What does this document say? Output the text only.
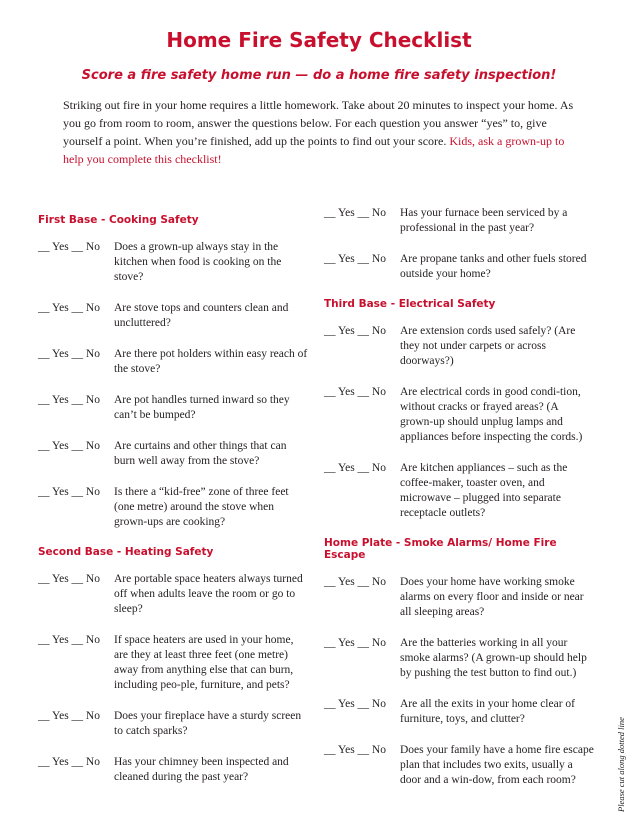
Home Fire Safety Checklist
Score a fire safety home run — do a home fire safety inspection!
Striking out fire in your home requires a little homework. Take about 20 minutes to inspect your home. As you go from room to room, answer the questions below. For each question you answer “yes” to, give yourself a point. When you’re finished, add up the points to find out your score. Kids, ask a grown-up to help you complete this checklist!
First Base - Cooking Safety
__ Yes __ No	Does a grown-up always stay in the kitchen when food is cooking on the stove?
__ Yes __ No	Are stove tops and counters clean and uncluttered?
__ Yes __ No	Are there pot holders within easy reach of the stove?
__ Yes __ No	Are pot handles turned inward so they can’t be bumped?
__ Yes __ No	Are curtains and other things that can burn well away from the stove?
__ Yes __ No	Is there a “kid-free” zone of three feet (one metre) around the stove when grown-ups are cooking?
Second Base - Heating Safety
__ Yes __ No	Are portable space heaters always turned off when adults leave the room or go to sleep?
__ Yes __ No	If space heaters are used in your home, are they at least three feet (one metre) away from anything else that can burn, including peo-ple, furniture, and pets?
__ Yes __ No	Does your fireplace have a sturdy screen to catch sparks?
__ Yes __ No	Has your chimney been inspected and cleaned during the past year?
__ Yes __ No	Has your furnace been serviced by a professional in the past year?
__ Yes __ No	Are propane tanks and other fuels stored outside your home?
Third Base - Electrical Safety
__ Yes __ No	Are extension cords used safely? (Are they not under carpets or across doorways?)
__ Yes __ No	Are electrical cords in good condi-tion, without cracks or frayed areas? (A grown-up should unplug lamps and appliances before inspecting the cords.)
__ Yes __ No	Are kitchen appliances – such as the coffee-maker, toaster oven, and microwave – plugged into separate receptacle outlets?
Home Plate - Smoke Alarms/ Home Fire Escape
__ Yes __ No	Does your home have working smoke alarms on every floor and inside or near all sleeping areas?
__ Yes __ No	Are the batteries working in all your smoke alarms? (A grown-up should help by pushing the test button to find out.)
__ Yes __ No	Are all the exits in your home clear of furniture, toys, and clutter?
__ Yes __ No	Does your family have a home fire escape plan that includes two exits, usually a door and a win-dow, from each room?	Please cut along dotted line
